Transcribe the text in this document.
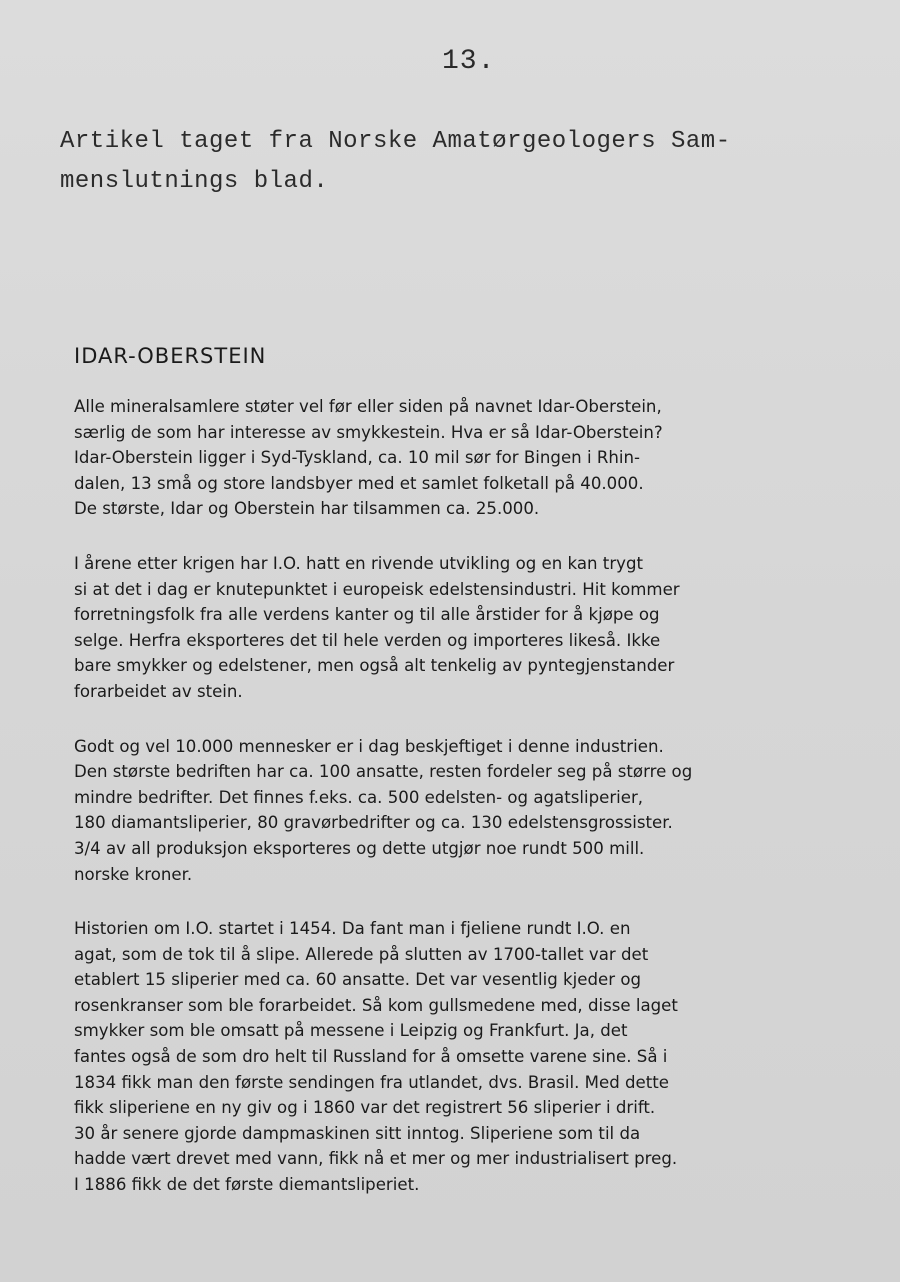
13.
Artikel taget fra Norske Amatørgeologers Sam-
menslutnings blad.
IDAR-OBERSTEIN
Alle mineralsamlere støter vel før eller siden på navnet Idar-Oberstein,
særlig de som har interesse av smykkestein. Hva er så Idar-Oberstein?
Idar-Oberstein ligger i Syd-Tyskland, ca. 10 mil sør for Bingen i Rhin-
dalen, 13 små og store landsbyer med et samlet folketall på 40.000.
De største, Idar og Oberstein har tilsammen ca. 25.000.
I årene etter krigen har I.O. hatt en rivende utvikling og en kan trygt
si at det i dag er knutepunktet i europeisk edelstensindustri. Hit kommer
forretningsfolk fra alle verdens kanter og til alle årstider for å kjøpe og
selge. Herfra eksporteres det til hele verden og importeres likeså. Ikke
bare smykker og edelstener, men også alt tenkelig av pyntegjenstander
forarbeidet av stein.
Godt og vel 10.000 mennesker er i dag beskjeftiget i denne industrien.
Den største bedriften har ca. 100 ansatte, resten fordeler seg på større og
mindre bedrifter. Det finnes f.eks. ca. 500 edelsten- og agatsliperier,
180 diamantsliperier, 80 gravørbedrifter og ca. 130 edelstensgrossister.
3/4 av all produksjon eksporteres og dette utgjør noe rundt 500 mill.
norske kroner.
Historien om I.O. startet i 1454. Da fant man i fjeliene rundt I.O. en
agat, som de tok til å slipe. Allerede på slutten av 1700-tallet var det
etablert 15 sliperier med ca. 60 ansatte. Det var vesentlig kjeder og
rosenkranser som ble forarbeidet. Så kom gullsmedene med, disse laget
smykker som ble omsatt på messene i Leipzig og Frankfurt. Ja, det
fantes også de som dro helt til Russland for å omsette varene sine. Så i
1834 fikk man den første sendingen fra utlandet, dvs. Brasil. Med dette
fikk sliperiene en ny giv og i 1860 var det registrert 56 sliperier i drift.
30 år senere gjorde dampmaskinen sitt inntog. Sliperiene som til da
hadde vært drevet med vann, fikk nå et mer og mer industrialisert preg.
I 1886 fikk de det første diemantsliperiet.
